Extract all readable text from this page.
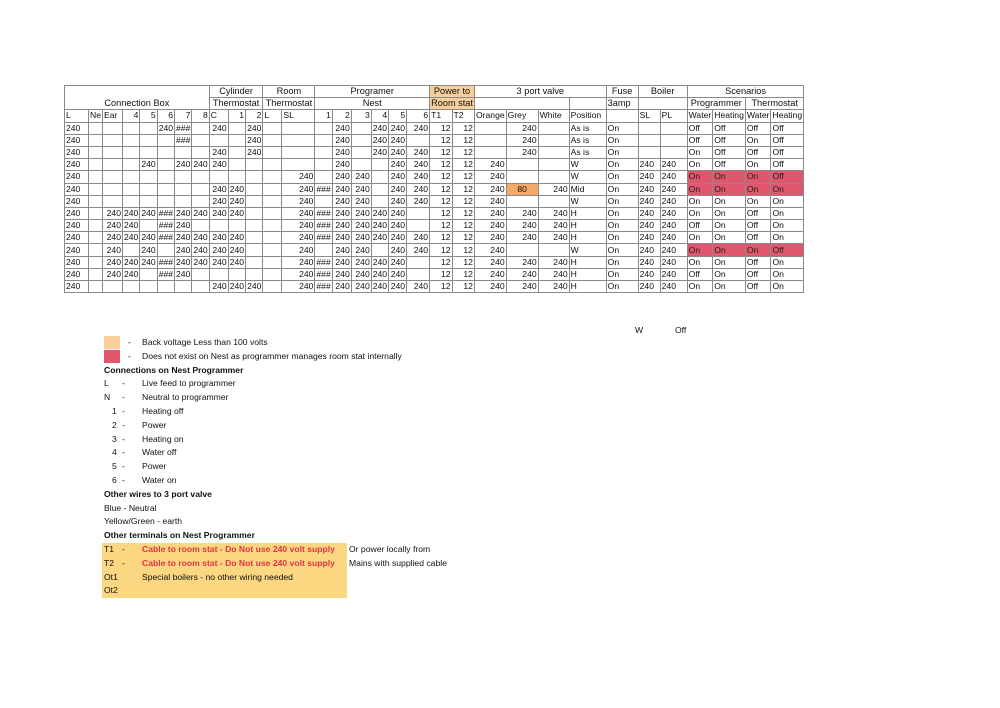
Connection Box								Cylinder			Room		Programer						Power to		3 port valve				Fuse	Boiler		Scenarios			
								Thermostat			Thermostat		Nest						Room stat						3amp			Programmer		Thermostat	
L	Ne	Ear	4	5	6	7	8	C	1	2	L	SL	1	2	3	4	5	6	T1	T2	Orange	Grey	White	Position		SL	PL	Water	Heating	Water	Heating
240					240	###		240		240				240		240	240	240	12	12		240		As is	On			Off	Off	Off	Off
240						###				240				240		240	240		12	12		240		As is	On			Off	Off	On	Off
240								240		240				240		240	240	240	12	12		240		As is	On			On	Off	Off	Off
240				240		240	240	240						240			240	240	12	12	240			W	On	240	240	On	Off	On	Off
240												240		240	240		240	240	12	12	240			W	On	240	240	On	On	On	Off
240								240	240			240	###	240	240		240	240	12	12	240	80	240	Mid	On	240	240	On	On	On	On
240								240	240			240		240	240		240	240	12	12	240			W	On	240	240	On	On	On	On
240		240	240	240	###	240	240	240	240			240	###	240	240	240	240		12	12	240	240	240	H	On	240	240	On	On	Off	On
240		240	240		###	240						240	###	240	240	240	240		12	12	240	240	240	H	On	240	240	Off	On	Off	On
240		240	240	240	###	240	240	240	240			240	###	240	240	240	240	240	12	12	240	240	240	H	On	240	240	On	On	Off	On
240		240		240		240	240	240	240			240		240	240		240	240	12	12	240			W	On	240	240	On	On	On	Off
240		240	240	240	###	240	240	240	240			240	###	240	240	240	240		12	12	240	240	240	H	On	240	240	On	On	Off	On
240		240	240		###	240						240	###	240	240	240	240		12	12	240	240	240	H	On	240	240	Off	On	Off	On
240								240	240	240		240	###	240	240	240	240	240	12	12	240	240	240	H	On	240	240	On	On	Off	On
W	Off
- Back voltage Less than 100 volts
- Does not exist on Nest as programmer manages room stat internally
Connections on Nest Programmer
L - Live feed to programmer
N - Neutral to programmer
1 - Heating off
2 - Power
3 - Heating on
4 - Water off
5 - Power
6 - Water on
Other wires to 3 port valve
Blue - Neutral
Yellow/Green - earth
Other terminals on Nest Programmer
T1 - Cable to room stat - Do Not use 240 volt supply Or power locally from
T2 - Cable to room stat - Do Not use 240 volt supply Mains with supplied cable
Ot1	Special boilers - no other wiring needed
Ot2
